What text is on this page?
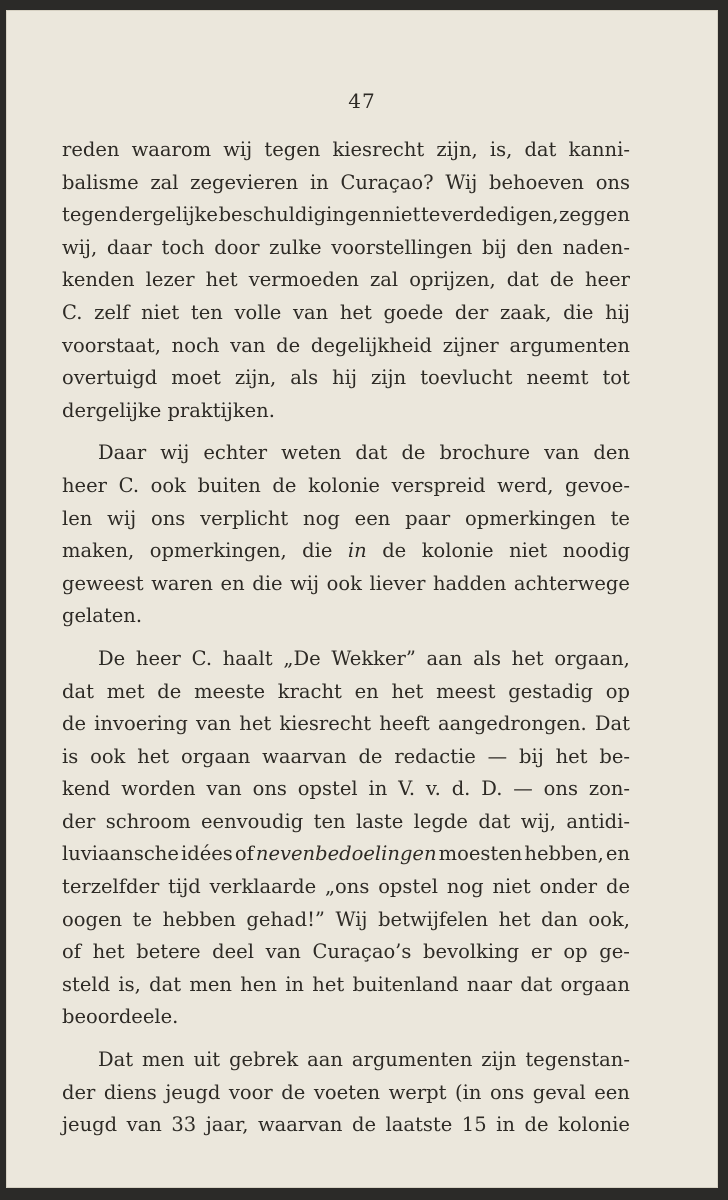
47
reden waarom wij tegen kiesrecht zijn, is, dat kanni-
balisme zal zegevieren in Curaçao? Wij behoeven ons
tegen dergelijke beschuldigingen niet te verdedigen, zeggen
wij, daar toch door zulke voorstellingen bij den naden-
kenden lezer het vermoeden zal oprijzen, dat de heer
C. zelf niet ten volle van het goede der zaak, die hij
voorstaat, noch van de degelijkheid zijner argumenten
overtuigd moet zijn, als hij zijn toevlucht neemt tot
dergelijke
praktijken.
Daar wij echter weten dat de brochure van den
heer C. ook buiten de kolonie verspreid werd, gevoe-
len wij ons verplicht nog een paar opmerkingen te
maken, opmerkingen, die in de kolonie niet noodig
geweest waren en die wij ook liever hadden achterwege
gelaten.
De heer C. haalt „De Wekker” aan als het orgaan,
dat met de meeste kracht en het meest gestadig op
de invoering van het kiesrecht heeft aangedrongen. Dat
is ook het orgaan waarvan de redactie — bij het be-
kend worden van ons opstel in V. v. d. D. — ons zon-
der schroom eenvoudig ten laste legde dat wij, antidi-
luviaansche idées of nevenbedoelingen moesten hebben, en
terzelfder tijd verklaarde „ons opstel nog niet onder de
oogen te hebben gehad!” Wij betwijfelen het dan ook,
of het betere deel van Curaçao’s bevolking er op ge-
steld is, dat men hen in het buitenland naar dat orgaan
beoordeele.
Dat men uit gebrek aan argumenten zijn tegenstan-
der diens jeugd voor de voeten werpt (in ons geval een
jeugd van 33 jaar, waarvan de laatste 15 in de kolonie
